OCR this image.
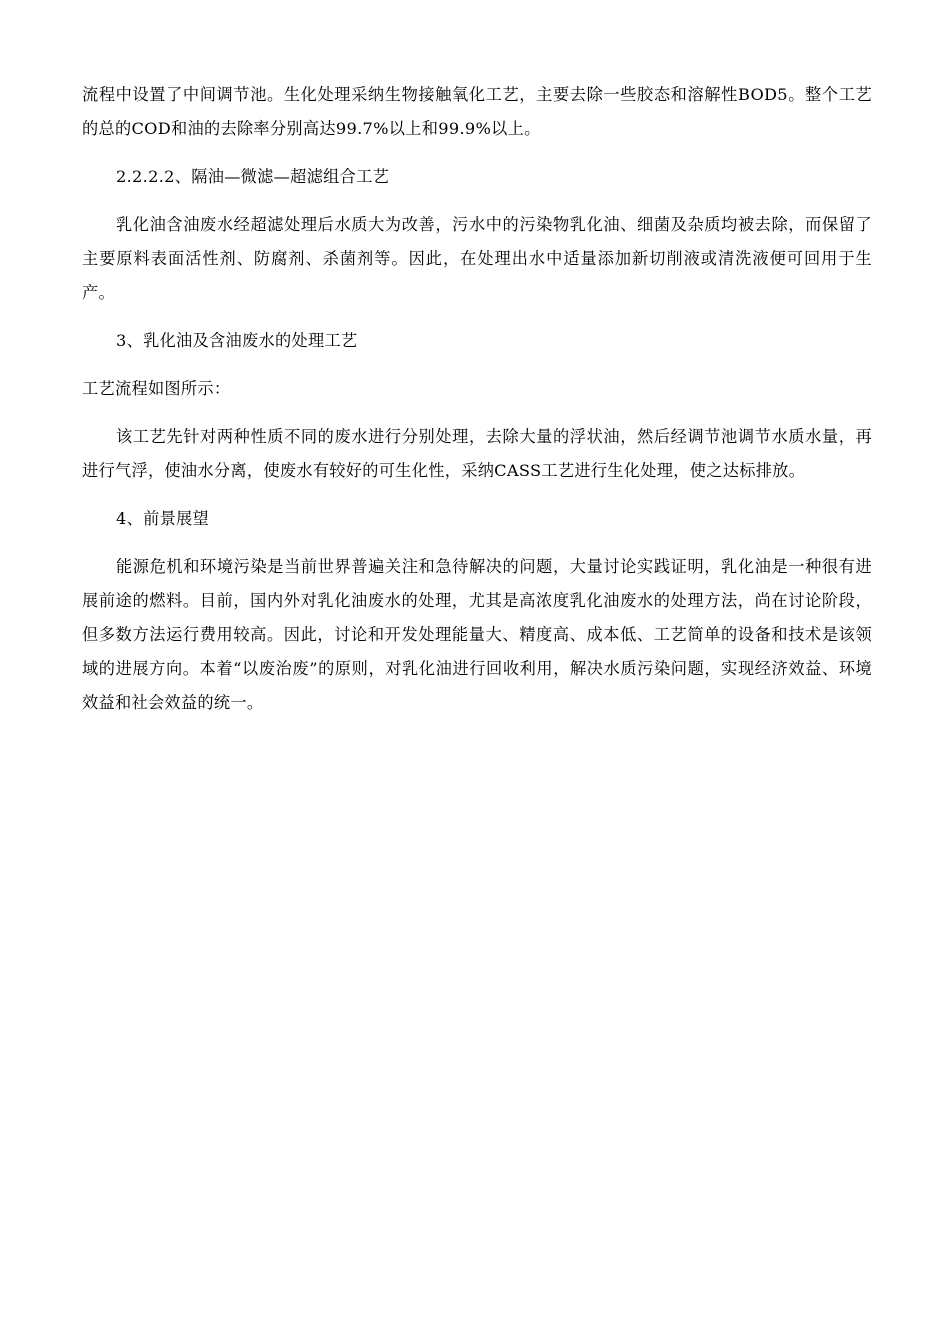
流程中设置了中间调节池。生化处理采纳生物接触氧化工艺，主要去除一些胶态和溶解性BOD5。整个工艺的总的COD和油的去除率分别高达99.7%以上和99.9%以上。

2.2.2.2、隔油—微滤—超滤组合工艺

乳化油含油废水经超滤处理后水质大为改善，污水中的污染物乳化油、细菌及杂质均被去除，而保留了主要原料表面活性剂、防腐剂、杀菌剂等。因此，在处理出水中适量添加新切削液或清洗液便可回用于生产。

3、乳化油及含油废水的处理工艺

工艺流程如图所示：

该工艺先针对两种性质不同的废水进行分别处理，去除大量的浮状油，然后经调节池调节水质水量，再进行气浮，使油水分离，使废水有较好的可生化性，采纳CASS工艺进行生化处理，使之达标排放。

4、前景展望

能源危机和环境污染是当前世界普遍关注和急待解决的问题，大量讨论实践证明，乳化油是一种很有进展前途的燃料。目前，国内外对乳化油废水的处理，尤其是高浓度乳化油废水的处理方法，尚在讨论阶段，但多数方法运行费用较高。因此，讨论和开发处理能量大、精度高、成本低、工艺简单的设备和技术是该领域的进展方向。本着“以废治废”的原则，对乳化油进行回收利用，解决水质污染问题，实现经济效益、环境效益和社会效益的统一。
